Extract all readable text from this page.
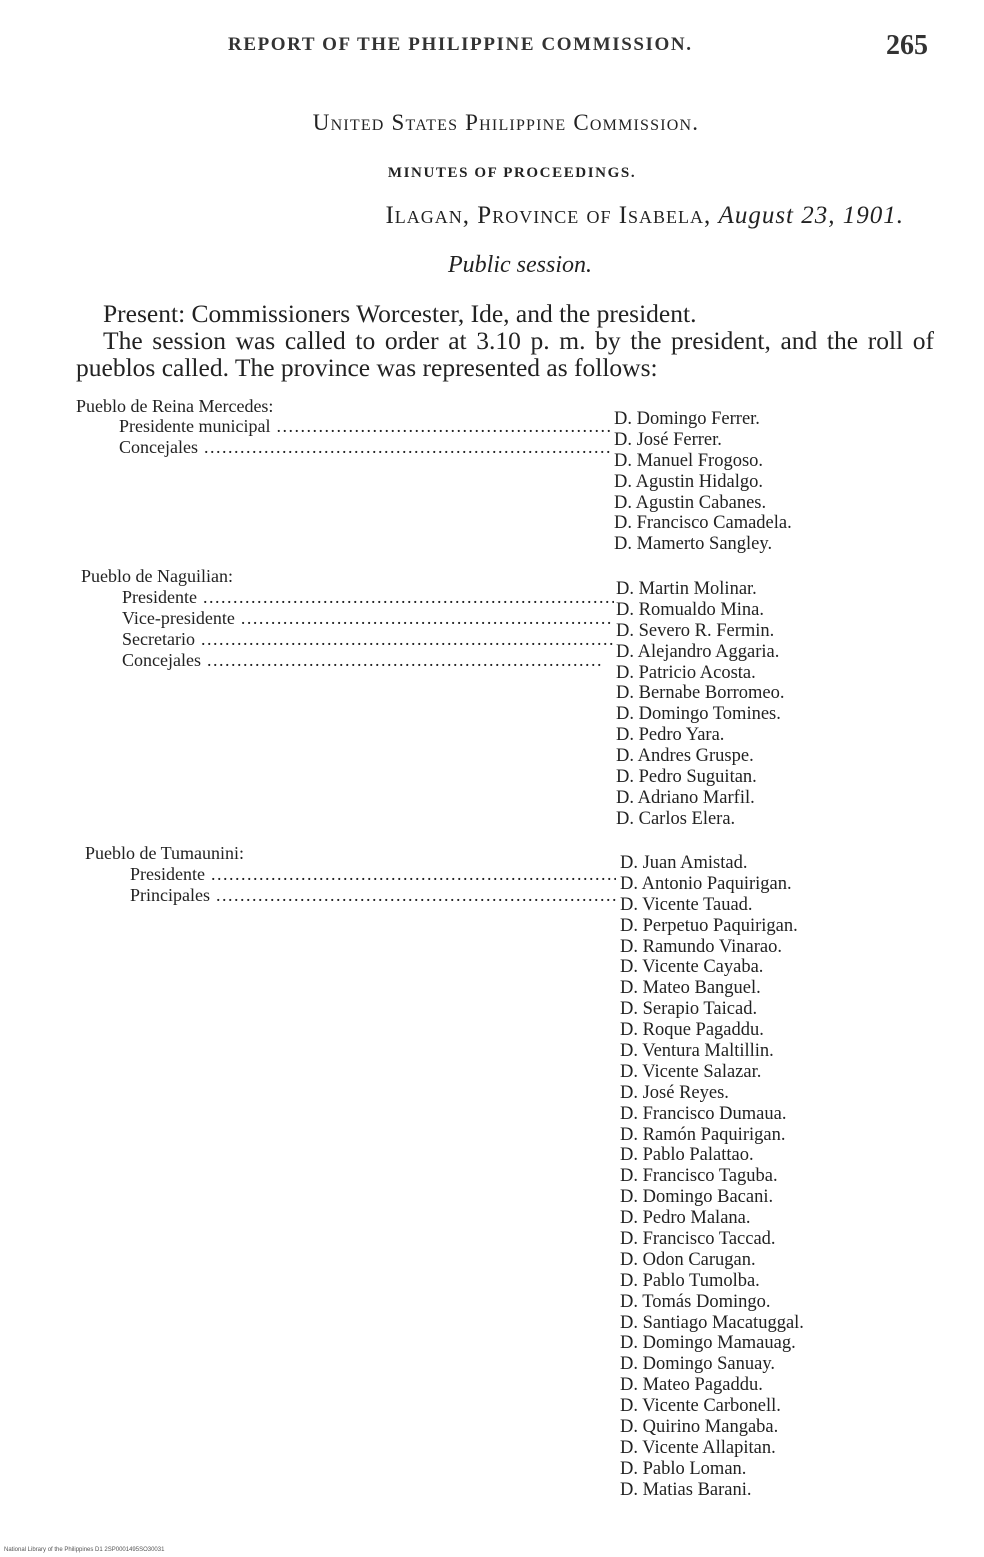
REPORT OF THE PHILIPPINE COMMISSION.	265
United States Philippine Commission.
MINUTES OF PROCEEDINGS.
Ilagan, Province of Isabela, August 23, 1901.
Public session.
Present: Commissioners Worcester, Ide, and the president.
The session was called to order at 3.10 p. m. by the president, and the roll of pueblos called. The province was represented as follows:
Pueblo de Reina Mercedes:
Presidente municipal .....
Concejales .....
D. Domingo Ferrer.
D. José Ferrer.
D. Manuel Frogoso.
D. Agustin Hidalgo.
D. Agustin Cabanes.
D. Francisco Camadela.
D. Mamerto Sangley.
Pueblo de Naguilian:
Presidente .....
Vice-presidente .....
Secretario .....
Concejales .....
D. Martin Molinar.
D. Romualdo Mina.
D. Severo R. Fermin.
D. Alejandro Aggaria.
D. Patricio Acosta.
D. Bernabe Borromeo.
D. Domingo Tomines.
D. Pedro Yara.
D. Andres Gruspe.
D. Pedro Suguitan.
D. Adriano Marfil.
D. Carlos Elera.
Pueblo de Tumaunini:
Presidente .....
Principales .....
D. Juan Amistad.
D. Antonio Paquirigan.
D. Vicente Tauad.
D. Perpetuo Paquirigan.
D. Ramundo Vinarao.
D. Vicente Cayaba.
D. Mateo Banguel.
D. Serapio Taicad.
D. Roque Pagaddu.
D. Ventura Maltillin.
D. Vicente Salazar.
D. José Reyes.
D. Francisco Dumaua.
D. Ramón Paquirigan.
D. Pablo Palattao.
D. Francisco Taguba.
D. Domingo Bacani.
D. Pedro Malana.
D. Francisco Taccad.
D. Odon Carugan.
D. Pablo Tumolba.
D. Tomás Domingo.
D. Santiago Macatuggal.
D. Domingo Mamauag.
D. Domingo Sanuay.
D. Mateo Pagaddu.
D. Vicente Carbonell.
D. Quirino Mangaba.
D. Vicente Allapitan.
D. Pablo Loman.
D. Matias Barani.
National Library of the Philippines D1 2SP0001495SO30031
